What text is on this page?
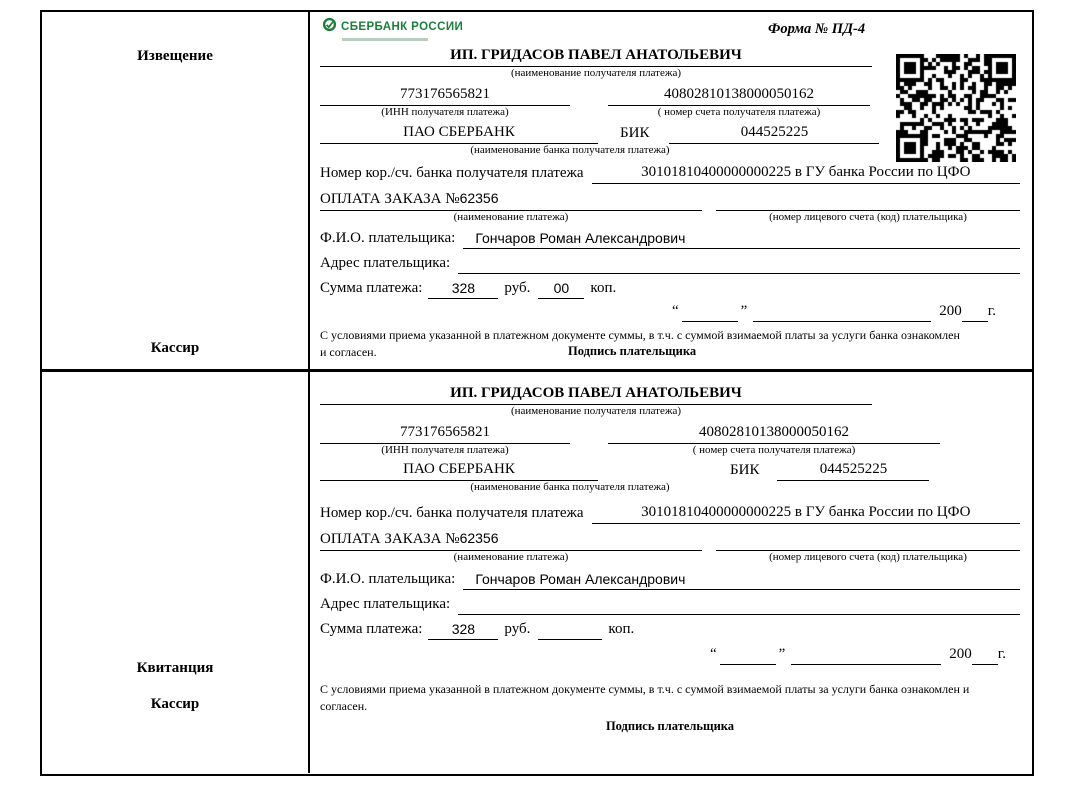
Извещение
Кассир
СБЕРБАНК РОССИИ	Форма № ПД-4
ИП. ГРИДАСОВ ПАВЕЛ АНАТОЛЬЕВИЧ
(наименование получателя платежа)
773176565821	40802810138000050162
(ИНН получателя платежа)	( номер счета получателя платежа)
ПАО СБЕРБАНК	БИК	044525225
(наименование банка получателя платежа)
Номер кор./сч. банка получателя платежа	30101810400000000225 в ГУ банка России по ЦФО
ОПЛАТА ЗАКАЗА №62356
(наименование платежа)	(номер лицевого счета (код) плательщика)
Ф.И.О. плательщика:	Гончаров Роман Александрович
Адрес плательщика:
Сумма платежа:	328	руб.	00	коп.
“	”	200 г.
С условиями приема указанной в платежном документе суммы, в т.ч. с суммой взимаемой платы за услуги банка ознакомлен и согласен.	Подпись плательщика
Квитанция
Кассир
ИП. ГРИДАСОВ ПАВЕЛ АНАТОЛЬЕВИЧ
(наименование получателя платежа)
773176565821	40802810138000050162
(ИНН получателя платежа)	( номер счета получателя платежа)
ПАО СБЕРБАНК	БИК	044525225
(наименование банка получателя платежа)
Номер кор./сч. банка получателя платежа	30101810400000000225 в ГУ банка России по ЦФО
ОПЛАТА ЗАКАЗА №62356
(наименование платежа)	(номер лицевого счета (код) плательщика)
Ф.И.О. плательщика:	Гончаров Роман Александрович
Адрес плательщика:
Сумма платежа:	328	руб.	коп.
“	”	200 г.
С условиями приема указанной в платежном документе суммы, в т.ч. с суммой взимаемой платы за услуги банка ознакомлен и согласен.
Подпись плательщика
